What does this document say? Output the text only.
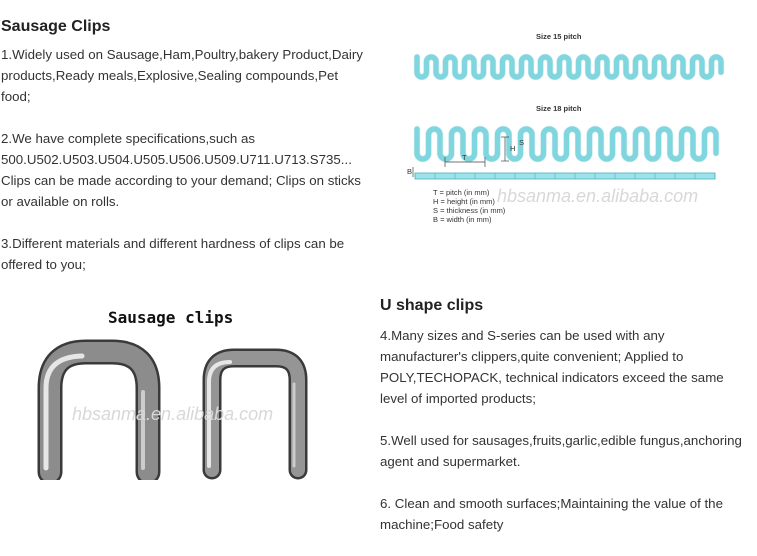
Sausage Clips

1.Widely used on Sausage,Ham,Poultry,bakery Product,Dairy products,Ready meals,Explosive,Sealing compounds,Pet food;

2.We have complete specifications,such as 500.U502.U503.U504.U505.U506.U509.U711.U713.S735... Clips can be made according to your demand; Clips on sticks or available on rolls.

3.Different materials and different hardness of clips can be offered to you;

Size 15 pitch
Size 18 pitch
T
H
S
B
T = pitch (in mm)
H = height (in mm)
S = thickness (in mm)
B = width (in mm)
hbsanma.en.alibaba.com
Sausage clips
hbsanma.en.alibaba.com
U shape clips

4.Many sizes and S-series can be used with any manufacturer's clippers,quite convenient; Applied to POLY,TECHOPACK, technical indicators exceed the same level of imported products;

5.Well used for sausages,fruits,garlic,edible fungus,anchoring agent and supermarket.

6. Clean and smooth surfaces;Maintaining the value of the machine;Food safety
